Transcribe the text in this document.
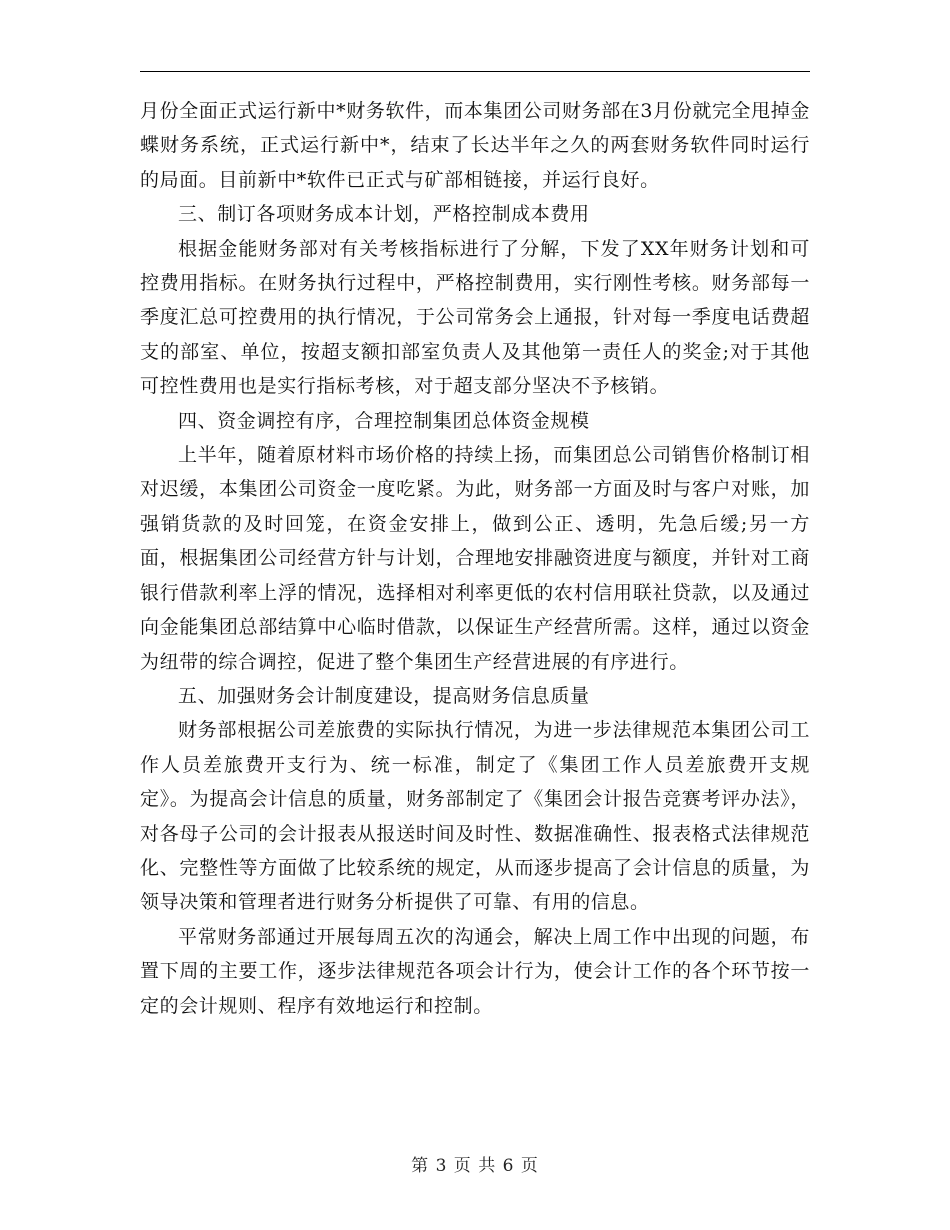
月份全面正式运行新中*财务软件，而本集团公司财务部在3月份就完全甩掉金蝶财务系统，正式运行新中*，结束了长达半年之久的两套财务软件同时运行的局面。目前新中*软件已正式与矿部相链接，并运行良好。

三、制订各项财务成本计划，严格控制成本费用

根据金能财务部对有关考核指标进行了分解，下发了XX年财务计划和可控费用指标。在财务执行过程中，严格控制费用，实行刚性考核。财务部每一季度汇总可控费用的执行情况，于公司常务会上通报，针对每一季度电话费超支的部室、单位，按超支额扣部室负责人及其他第一责任人的奖金;对于其他可控性费用也是实行指标考核，对于超支部分坚决不予核销。

四、资金调控有序，合理控制集团总体资金规模

上半年，随着原材料市场价格的持续上扬，而集团总公司销售价格制订相对迟缓，本集团公司资金一度吃紧。为此，财务部一方面及时与客户对账，加强销货款的及时回笼，在资金安排上，做到公正、透明，先急后缓;另一方面，根据集团公司经营方针与计划，合理地安排融资进度与额度，并针对工商银行借款利率上浮的情况，选择相对利率更低的农村信用联社贷款，以及通过向金能集团总部结算中心临时借款，以保证生产经营所需。这样，通过以资金为纽带的综合调控，促进了整个集团生产经营进展的有序进行。

五、加强财务会计制度建设，提高财务信息质量

财务部根据公司差旅费的实际执行情况，为进一步法律规范本集团公司工作人员差旅费开支行为、统一标准，制定了《集团工作人员差旅费开支规定》。为提高会计信息的质量，财务部制定了《集团会计报告竞赛考评办法》，对各母子公司的会计报表从报送时间及时性、数据准确性、报表格式法律规范化、完整性等方面做了比较系统的规定，从而逐步提高了会计信息的质量，为领导决策和管理者进行财务分析提供了可靠、有用的信息。

平常财务部通过开展每周五次的沟通会，解决上周工作中出现的问题，布置下周的主要工作，逐步法律规范各项会计行为，使会计工作的各个环节按一定的会计规则、程序有效地运行和控制。

第 3 页 共 6 页
